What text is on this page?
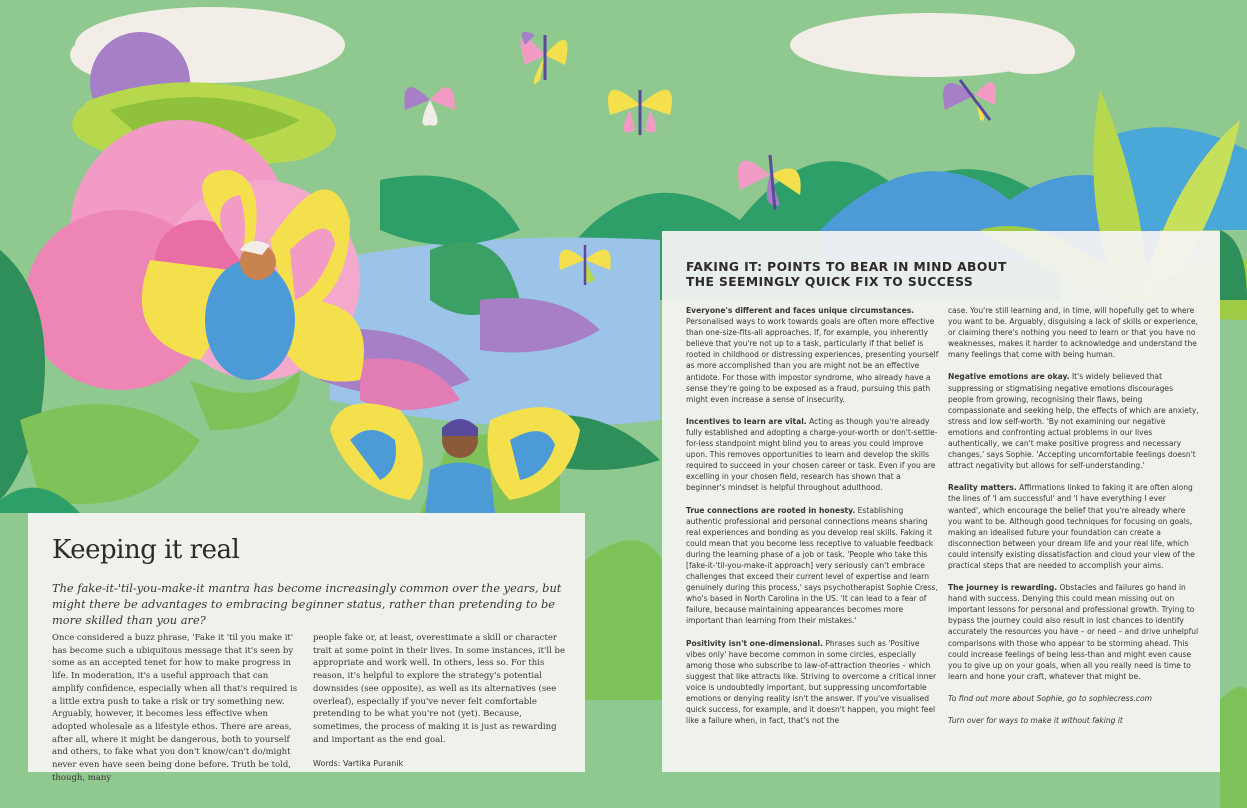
Keeping it real

The fake-it-'til-you-make-it mantra has become increasingly common over the years, but might there be advantages to embracing beginner status, rather than pretending to be more skilled than you are?

Once considered a buzz phrase, 'Fake it 'til you make it' has become such a ubiquitous message that it's seen by some as an accepted tenet for how to make progress in life. In moderation, it's a useful approach that can amplify confidence, especially when all that's required is a little extra push to take a risk or try something new. Arguably, however, it becomes less effective when adopted wholesale as a lifestyle ethos. There are areas, after all, where it might be dangerous, both to yourself and others, to fake what you don't know/can't do/might never even have seen being done before. Truth be told, though, many

people fake or, at least, overestimate a skill or character trait at some point in their lives. In some instances, it'll be appropriate and work well. In others, less so. For this reason, it's helpful to explore the strategy's potential downsides (see opposite), as well as its alternatives (see overleaf), especially if you've never felt comfortable pretending to be what you're not (yet). Because, sometimes, the process of making it is just as rewarding and important as the end goal.

Words: Vartika Puranik

FAKING IT: POINTS TO BEAR IN MIND ABOUT THE SEEMINGLY QUICK FIX TO SUCCESS

Everyone's different and faces unique circumstances. Personalised ways to work towards goals are often more effective than one-size-fits-all approaches. If, for example, you inherently believe that you're not up to a task, particularly if that belief is rooted in childhood or distressing experiences, presenting yourself as more accomplished than you are might not be an effective antidote. For those with impostor syndrome, who already have a sense they're going to be exposed as a fraud, pursuing this path might even increase a sense of insecurity.

Incentives to learn are vital. Acting as though you're already fully established and adopting a charge-your-worth or don't-settle-for-less standpoint might blind you to areas you could improve upon. This removes opportunities to learn and develop the skills required to succeed in your chosen career or task. Even if you are excelling in your chosen field, research has shown that a beginner's mindset is helpful throughout adulthood.

True connections are rooted in honesty. Establishing authentic professional and personal connections means sharing real experiences and bonding as you develop real skills. Faking it could mean that you become less receptive to valuable feedback during the learning phase of a job or task. 'People who take this [fake-it-'til-you-make-it approach] very seriously can't embrace challenges that exceed their current level of expertise and learn genuinely during this process,' says psychotherapist Sophie Cress, who's based in North Carolina in the US. 'It can lead to a fear of failure, because maintaining appearances becomes more important than learning from their mistakes.'

Positivity isn't one-dimensional. Phrases such as 'Positive vibes only' have become common in some circles, especially among those who subscribe to law-of-attraction theories – which suggest that like attracts like. Striving to overcome a critical inner voice is undoubtedly important, but suppressing uncomfortable emotions or denying reality isn't the answer. If you've visualised quick success, for example, and it doesn't happen, you might feel like a failure when, in fact, that's not the

case. You're still learning and, in time, will hopefully get to where you want to be. Arguably, disguising a lack of skills or experience, or claiming there's nothing you need to learn or that you have no weaknesses, makes it harder to acknowledge and understand the many feelings that come with being human.

Negative emotions are okay. It's widely believed that suppressing or stigmatising negative emotions discourages people from growing, recognising their flaws, being compassionate and seeking help, the effects of which are anxiety, stress and low self-worth. 'By not examining our negative emotions and confronting actual problems in our lives authentically, we can't make positive progress and necessary changes,' says Sophie. 'Accepting uncomfortable feelings doesn't attract negativity but allows for self-understanding.'

Reality matters. Affirmations linked to faking it are often along the lines of 'I am successful' and 'I have everything I ever wanted', which encourage the belief that you're already where you want to be. Although good techniques for focusing on goals, making an idealised future your foundation can create a disconnection between your dream life and your real life, which could intensify existing dissatisfaction and cloud your view of the practical steps that are needed to accomplish your aims.

The journey is rewarding. Obstacles and failures go hand in hand with success. Denying this could mean missing out on important lessons for personal and professional growth. Trying to bypass the journey could also result in lost chances to identify accurately the resources you have – or need – and drive unhelpful comparisons with those who appear to be storming ahead. This could increase feelings of being less-than and might even cause you to give up on your goals, when all you really need is time to learn and hone your craft, whatever that might be.

To find out more about Sophie, go to sophiecress.com

Turn over for ways to make it without faking it
